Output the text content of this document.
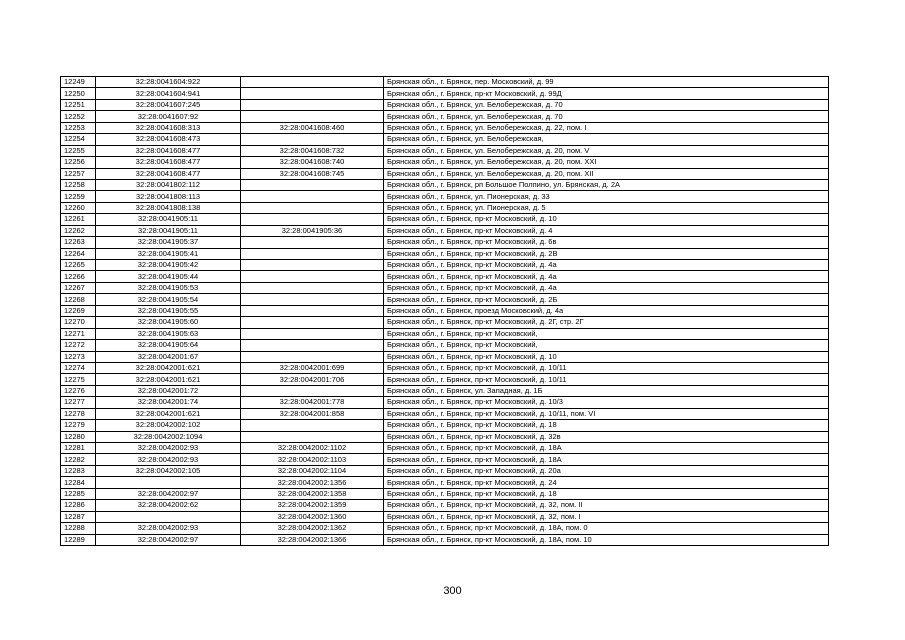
12249	32:28:0041604:922		Брянская обл., г. Брянск, пер. Московский, д. 99
12250	32:28:0041604:941		Брянская обл., г. Брянск, пр-кт Московский, д. 99Д
12251	32:28:0041607:245		Брянская обл., г. Брянск, ул. Белобережская, д. 70
12252	32:28:0041607:92		Брянская обл., г. Брянск, ул. Белобережская, д. 70
12253	32:28:0041608:313	32:28:0041608:460	Брянская обл., г. Брянск, ул. Белобережская, д. 22, пом. I
12254	32:28:0041608:473		Брянская обл., г. Брянск, ул. Белобережская,
12255	32:28:0041608:477	32:28:0041608:732	Брянская обл., г. Брянск, ул. Белобережская, д. 20, пом. V
12256	32:28:0041608:477	32:28:0041608:740	Брянская обл., г. Брянск, ул. Белобережская, д. 20, пом. XXI
12257	32:28:0041608:477	32:28:0041608:745	Брянская обл., г. Брянск, ул. Белобережская, д. 20, пом. XII
12258	32:28:0041802:112		Брянская обл., г. Брянск, рп Большое Полпино, ул. Брянская, д. 2А
12259	32:28:0041808:113		Брянская обл., г. Брянск, ул. Пионерская, д. 33
12260	32:28:0041808:138		Брянская обл., г. Брянск, ул. Пионерская, д. 5
12261	32:28:0041905:11		Брянская обл., г. Брянск, пр-кт Московский, д. 10
12262	32:28:0041905:11	32:28:0041905:36	Брянская обл., г. Брянск, пр-кт Московский, д. 4
12263	32:28:0041905:37		Брянская обл., г. Брянск, пр-кт Московский, д. 6в
12264	32:28:0041905:41		Брянская обл., г. Брянск, пр-кт Московский, д. 2В
12265	32:28:0041905:42		Брянская обл., г. Брянск, пр-кт Московский, д. 4а
12266	32:28:0041905:44		Брянская обл., г. Брянск, пр-кт Московский, д. 4а
12267	32:28:0041905:53		Брянская обл., г. Брянск, пр-кт Московский, д. 4а
12268	32:28:0041905:54		Брянская обл., г. Брянск, пр-кт Московский, д. 2Б
12269	32:28:0041905:55		Брянская обл., г. Брянск, проезд Московский, д. 4а
12270	32:28:0041905:60		Брянская обл., г. Брянск, пр-кт Московский, д. 2Г, стр. 2Г
12271	32:28:0041905:63		Брянская обл., г. Брянск, пр-кт Московский,
12272	32:28:0041905:64		Брянская обл., г. Брянск, пр-кт Московский,
12273	32:28:0042001:67		Брянская обл., г. Брянск, пр-кт Московский, д. 10
12274	32:28:0042001:621	32:28:0042001:699	Брянская обл., г. Брянск, пр-кт Московский, д. 10/11
12275	32:28:0042001:621	32:28:0042001:706	Брянская обл., г. Брянск, пр-кт Московский, д. 10/11
12276	32:28:0042001:72		Брянская обл., г. Брянск, ул. Западная, д. 1Б
12277	32:28:0042001:74	32:28:0042001:778	Брянская обл., г. Брянск, пр-кт Московский, д. 10/3
12278	32:28:0042001:621	32:28:0042001:858	Брянская обл., г. Брянск, пр-кт Московский, д. 10/11, пом. VI
12279	32:28:0042002:102		Брянская обл., г. Брянск, пр-кт Московский, д. 18
12280	32:28:0042002:1094		Брянская обл., г. Брянск, пр-кт Московский, д. 32в
12281	32:28:0042002:93	32:28:0042002:1102	Брянская обл., г. Брянск, пр-кт Московский, д. 18А
12282	32:28:0042002:93	32:28:0042002:1103	Брянская обл., г. Брянск, пр-кт Московский, д. 18А
12283	32:28:0042002:105	32:28:0042002:1104	Брянская обл., г. Брянск, пр-кт Московский, д. 20а
12284		32:28:0042002:1356	Брянская обл., г. Брянск, пр-кт Московский, д. 24
12285	32:28:0042002:97	32:28:0042002:1358	Брянская обл., г. Брянск, пр-кт Московский, д. 18
12286	32:28:0042002:62	32:28:0042002:1359	Брянская обл., г. Брянск, пр-кт Московский, д. 32, пом. II
12287		32:28:0042002:1360	Брянская обл., г. Брянск, пр-кт Московский, д. 32, пом. I
12288	32:28:0042002:93	32:28:0042002:1362	Брянская обл., г. Брянск, пр-кт Московский, д. 18А, пом. 0
12289	32:28:0042002:97	32:28:0042002:1366	Брянская обл., г. Брянск, пр-кт Московский, д. 18А, пом. 10
300
